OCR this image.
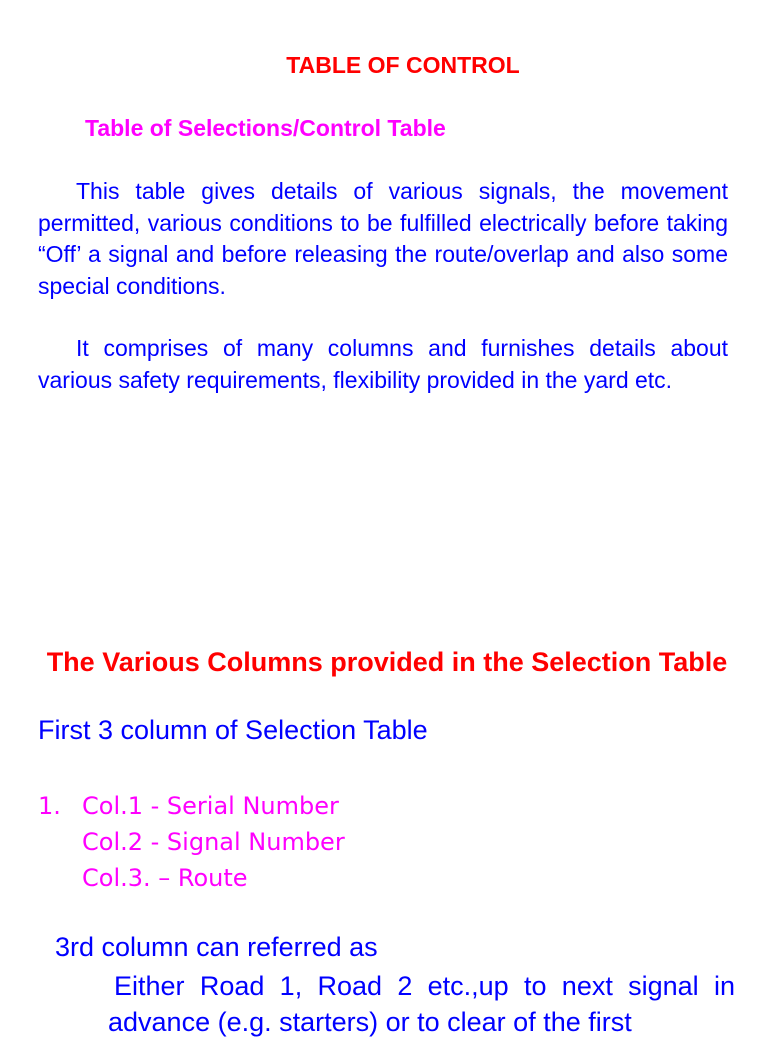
TABLE OF CONTROL
Table of Selections/Control Table
This table gives details of various signals, the movement permitted, various conditions to be fulfilled electrically before taking “Off’ a signal and before releasing the route/overlap and also some special conditions.
It comprises of many columns and furnishes details about various safety requirements, flexibility provided in the yard etc.
The Various Columns provided in the Selection Table
First 3 column of Selection Table
1. Col.1 - Serial Number
Col.2 - Signal Number
Col.3. – Route
3rd column can referred as
Either Road 1, Road 2 etc.,up to next signal in advance (e.g. starters) or to clear of the first
